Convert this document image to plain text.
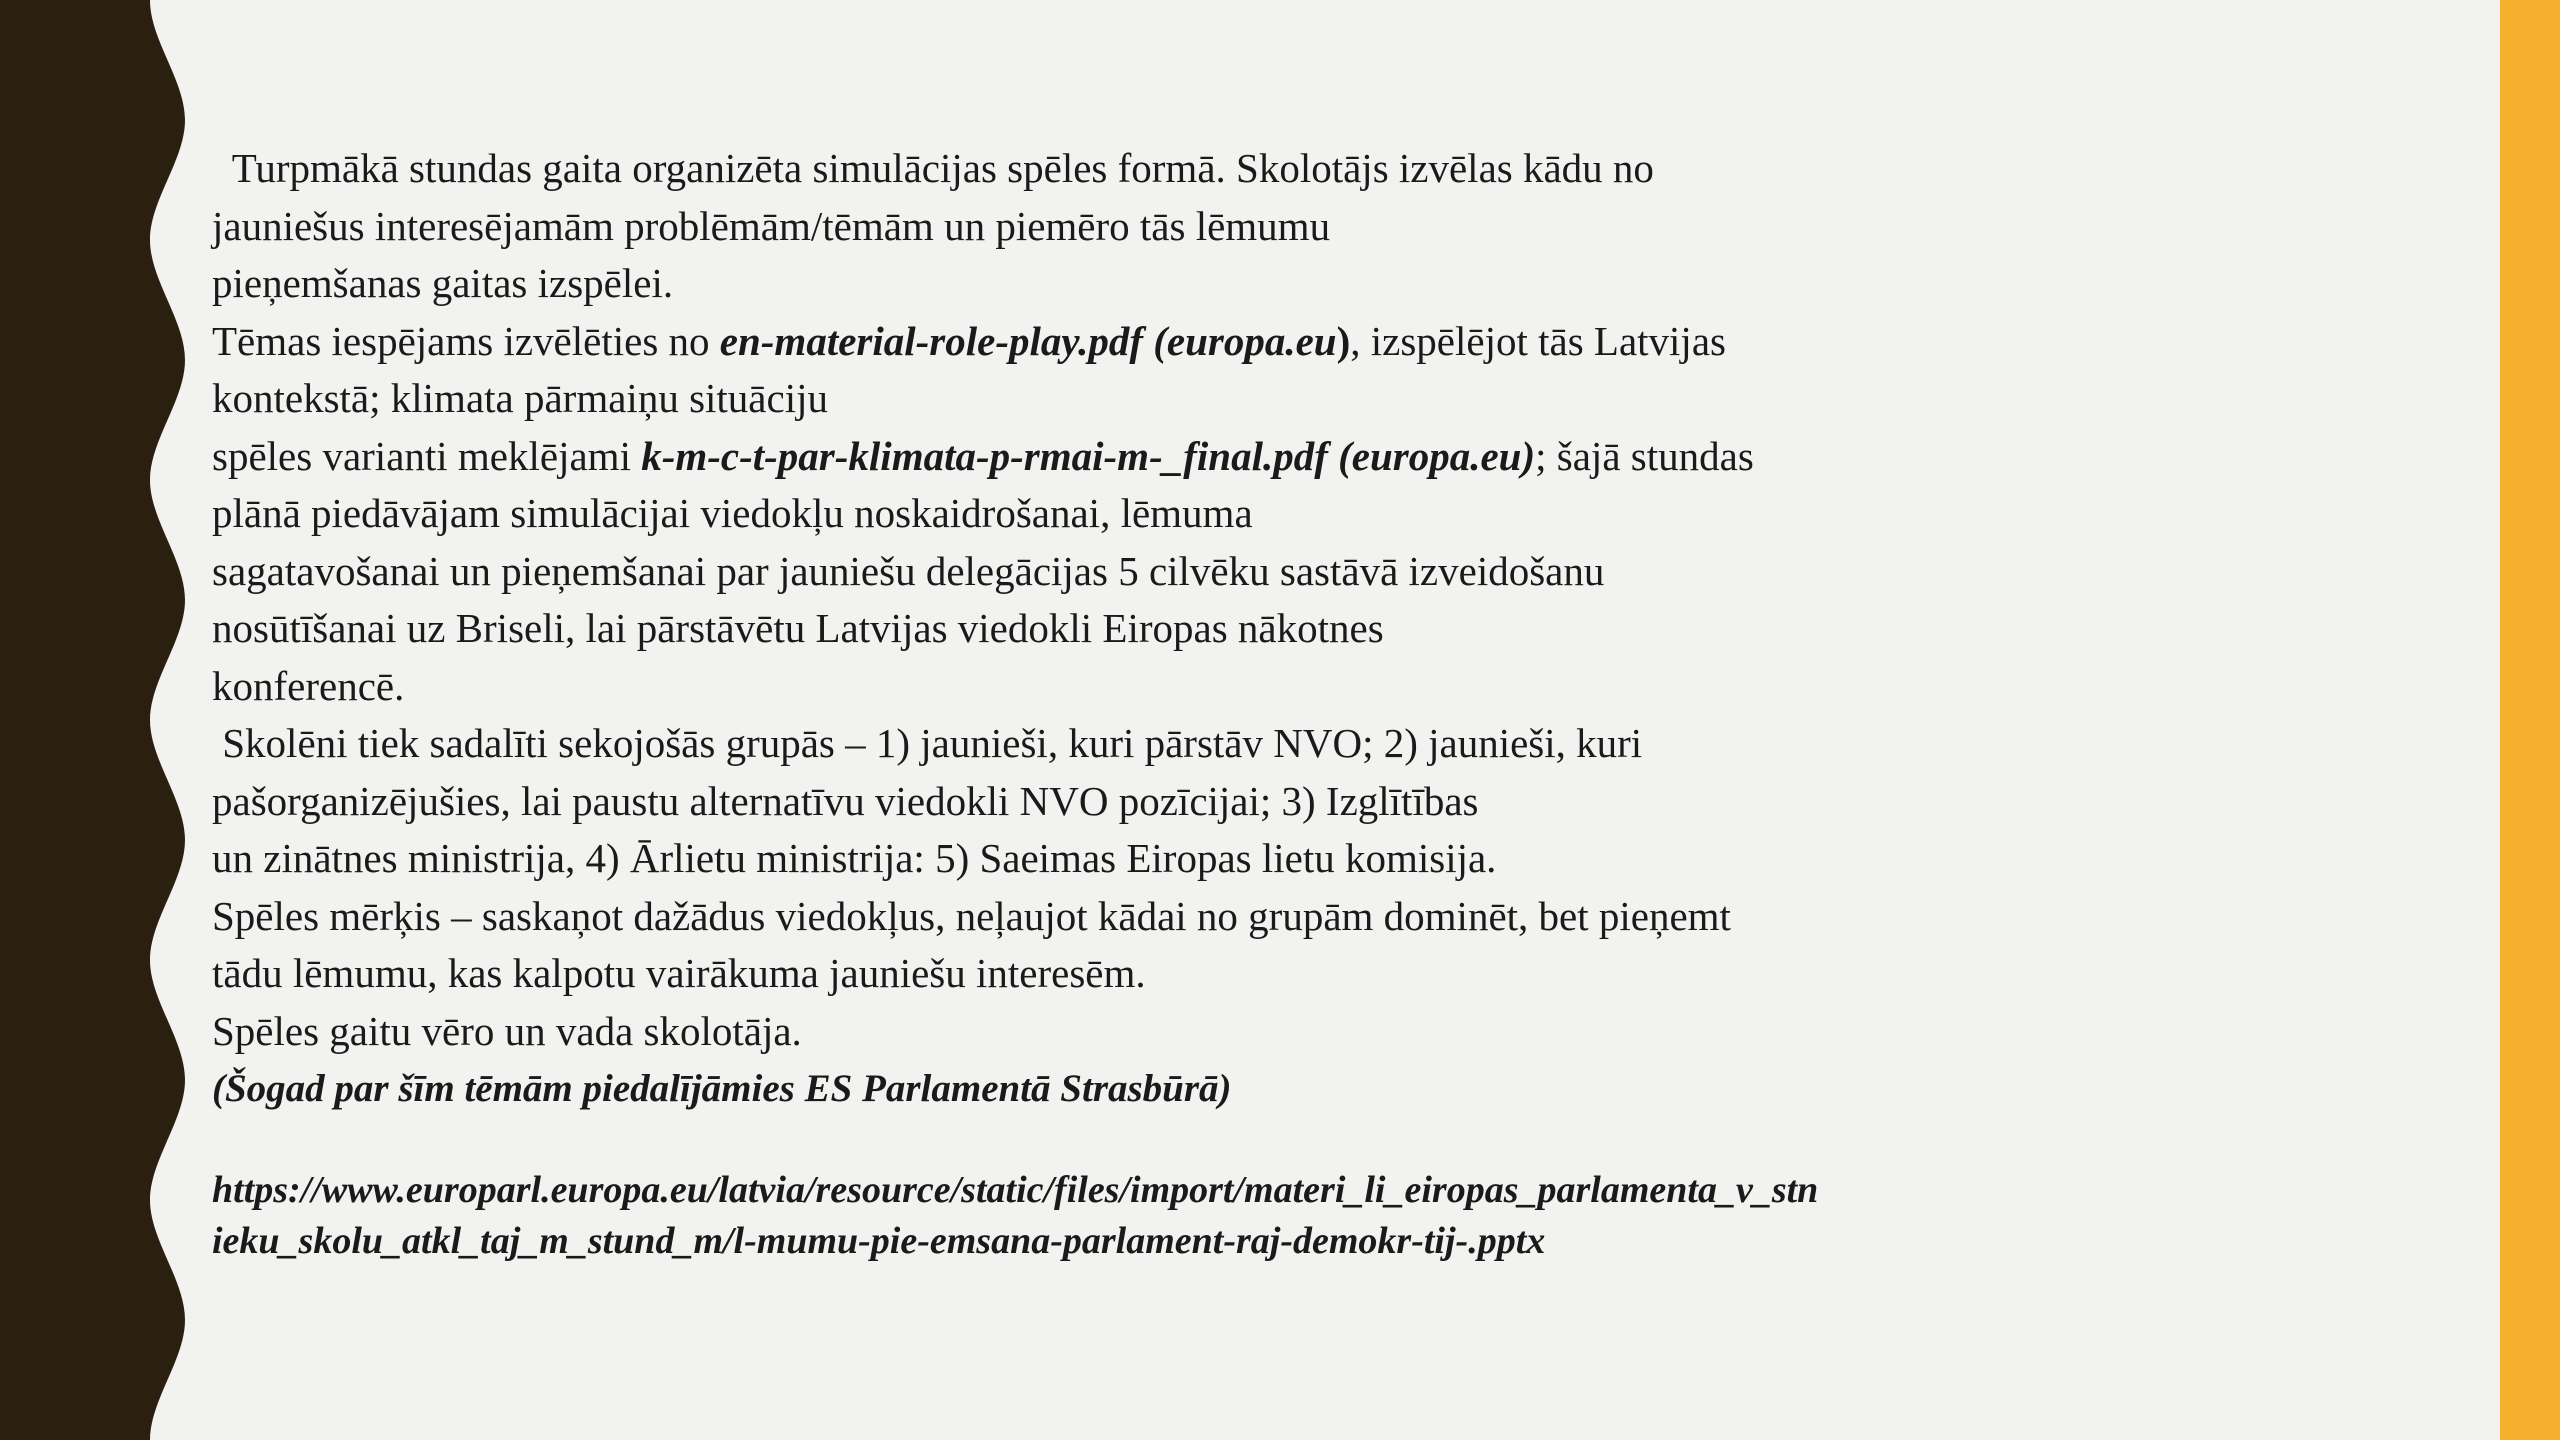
Turpmākā stundas gaita organizēta simulācijas spēles formā. Skolotājs izvēlas kādu no
jauniešus interesējamām problēmām/tēmām un piemēro tās lēmumu
pieņemšanas gaitas izspēlei.
Tēmas iespējams izvēlēties no en-material-role-play.pdf (europa.eu), izspēlējot tās Latvijas
kontekstā; klimata pārmaiņu situāciju
spēles varianti meklējami k-m-c-t-par-klimata-p-rmai-m-_final.pdf (europa.eu); šajā stundas
plānā piedāvājam simulācijai viedokļu noskaidrošanai, lēmuma
sagatavošanai un pieņemšanai par jauniešu delegācijas 5 cilvēku sastāvā izveidošanu
nosūtīšanai uz Briseli, lai pārstāvētu Latvijas viedokli Eiropas nākotnes
konferencē.
Skolēni tiek sadalīti sekojošās grupās – 1) jaunieši, kuri pārstāv NVO; 2) jaunieši, kuri
pašorganizējušies, lai paustu alternatīvu viedokli NVO pozīcijai; 3) Izglītības
un zinātnes ministrija, 4) Ārlietu ministrija: 5) Saeimas Eiropas lietu komisija.
Spēles mērķis – saskaņot dažādus viedokļus, neļaujot kādai no grupām dominēt, bet pieņemt
tādu lēmumu, kas kalpotu vairākuma jauniešu interesēm.
Spēles gaitu vēro un vada skolotāja.
(Šogad par šīm tēmām piedalījāmies ES Parlamentā Strasbūrā)
https://www.europarl.europa.eu/latvia/resource/static/files/import/materi_li_eiropas_parlamenta_v_stn
ieku_skolu_atkl_taj_m_stund_m/l-mumu-pie-emsana-parlament-raj-demokr-tij-.pptx
